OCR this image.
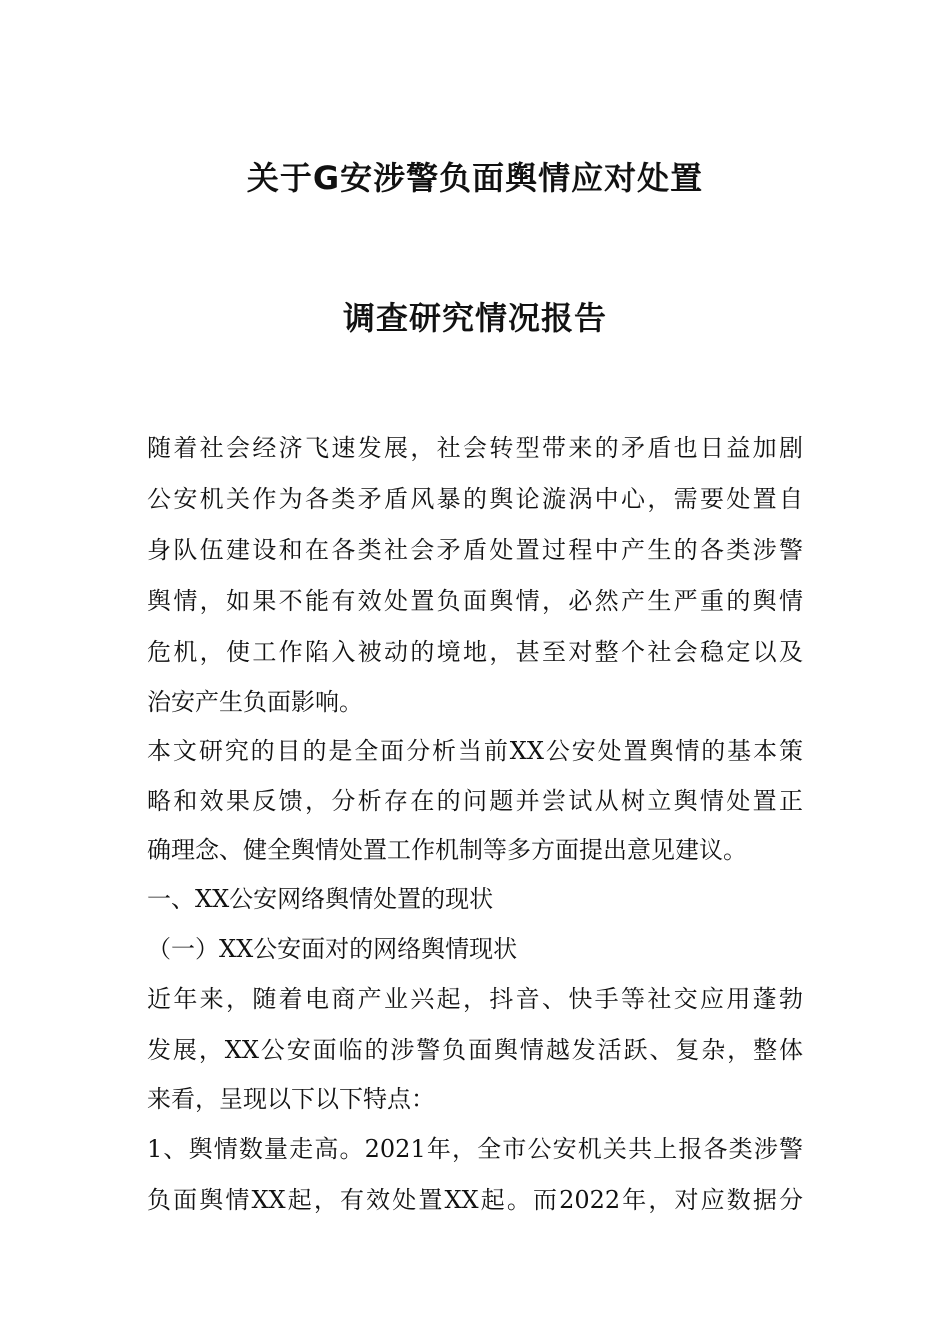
关于G安涉警负面舆情应对处置
调查研究情况报告
随着社会经济飞速发展，社会转型带来的矛盾也日益加剧
公安机关作为各类矛盾风暴的舆论漩涡中心，需要处置自
身队伍建设和在各类社会矛盾处置过程中产生的各类涉警
舆情，如果不能有效处置负面舆情，必然产生严重的舆情
危机，使工作陷入被动的境地，甚至对整个社会稳定以及
治安产生负面影响。
本文研究的目的是全面分析当前XX公安处置舆情的基本策
略和效果反馈，分析存在的问题并尝试从树立舆情处置正
确理念、健全舆情处置工作机制等多方面提出意见建议。
一、XX公安网络舆情处置的现状
（一）XX公安面对的网络舆情现状
近年来，随着电商产业兴起，抖音、快手等社交应用蓬勃
发展，XX公安面临的涉警负面舆情越发活跃、复杂，整体
来看，呈现以下以下特点：
1、舆情数量走高。2021年，全市公安机关共上报各类涉警
负面舆情XX起，有效处置XX起。而2022年，对应数据分
